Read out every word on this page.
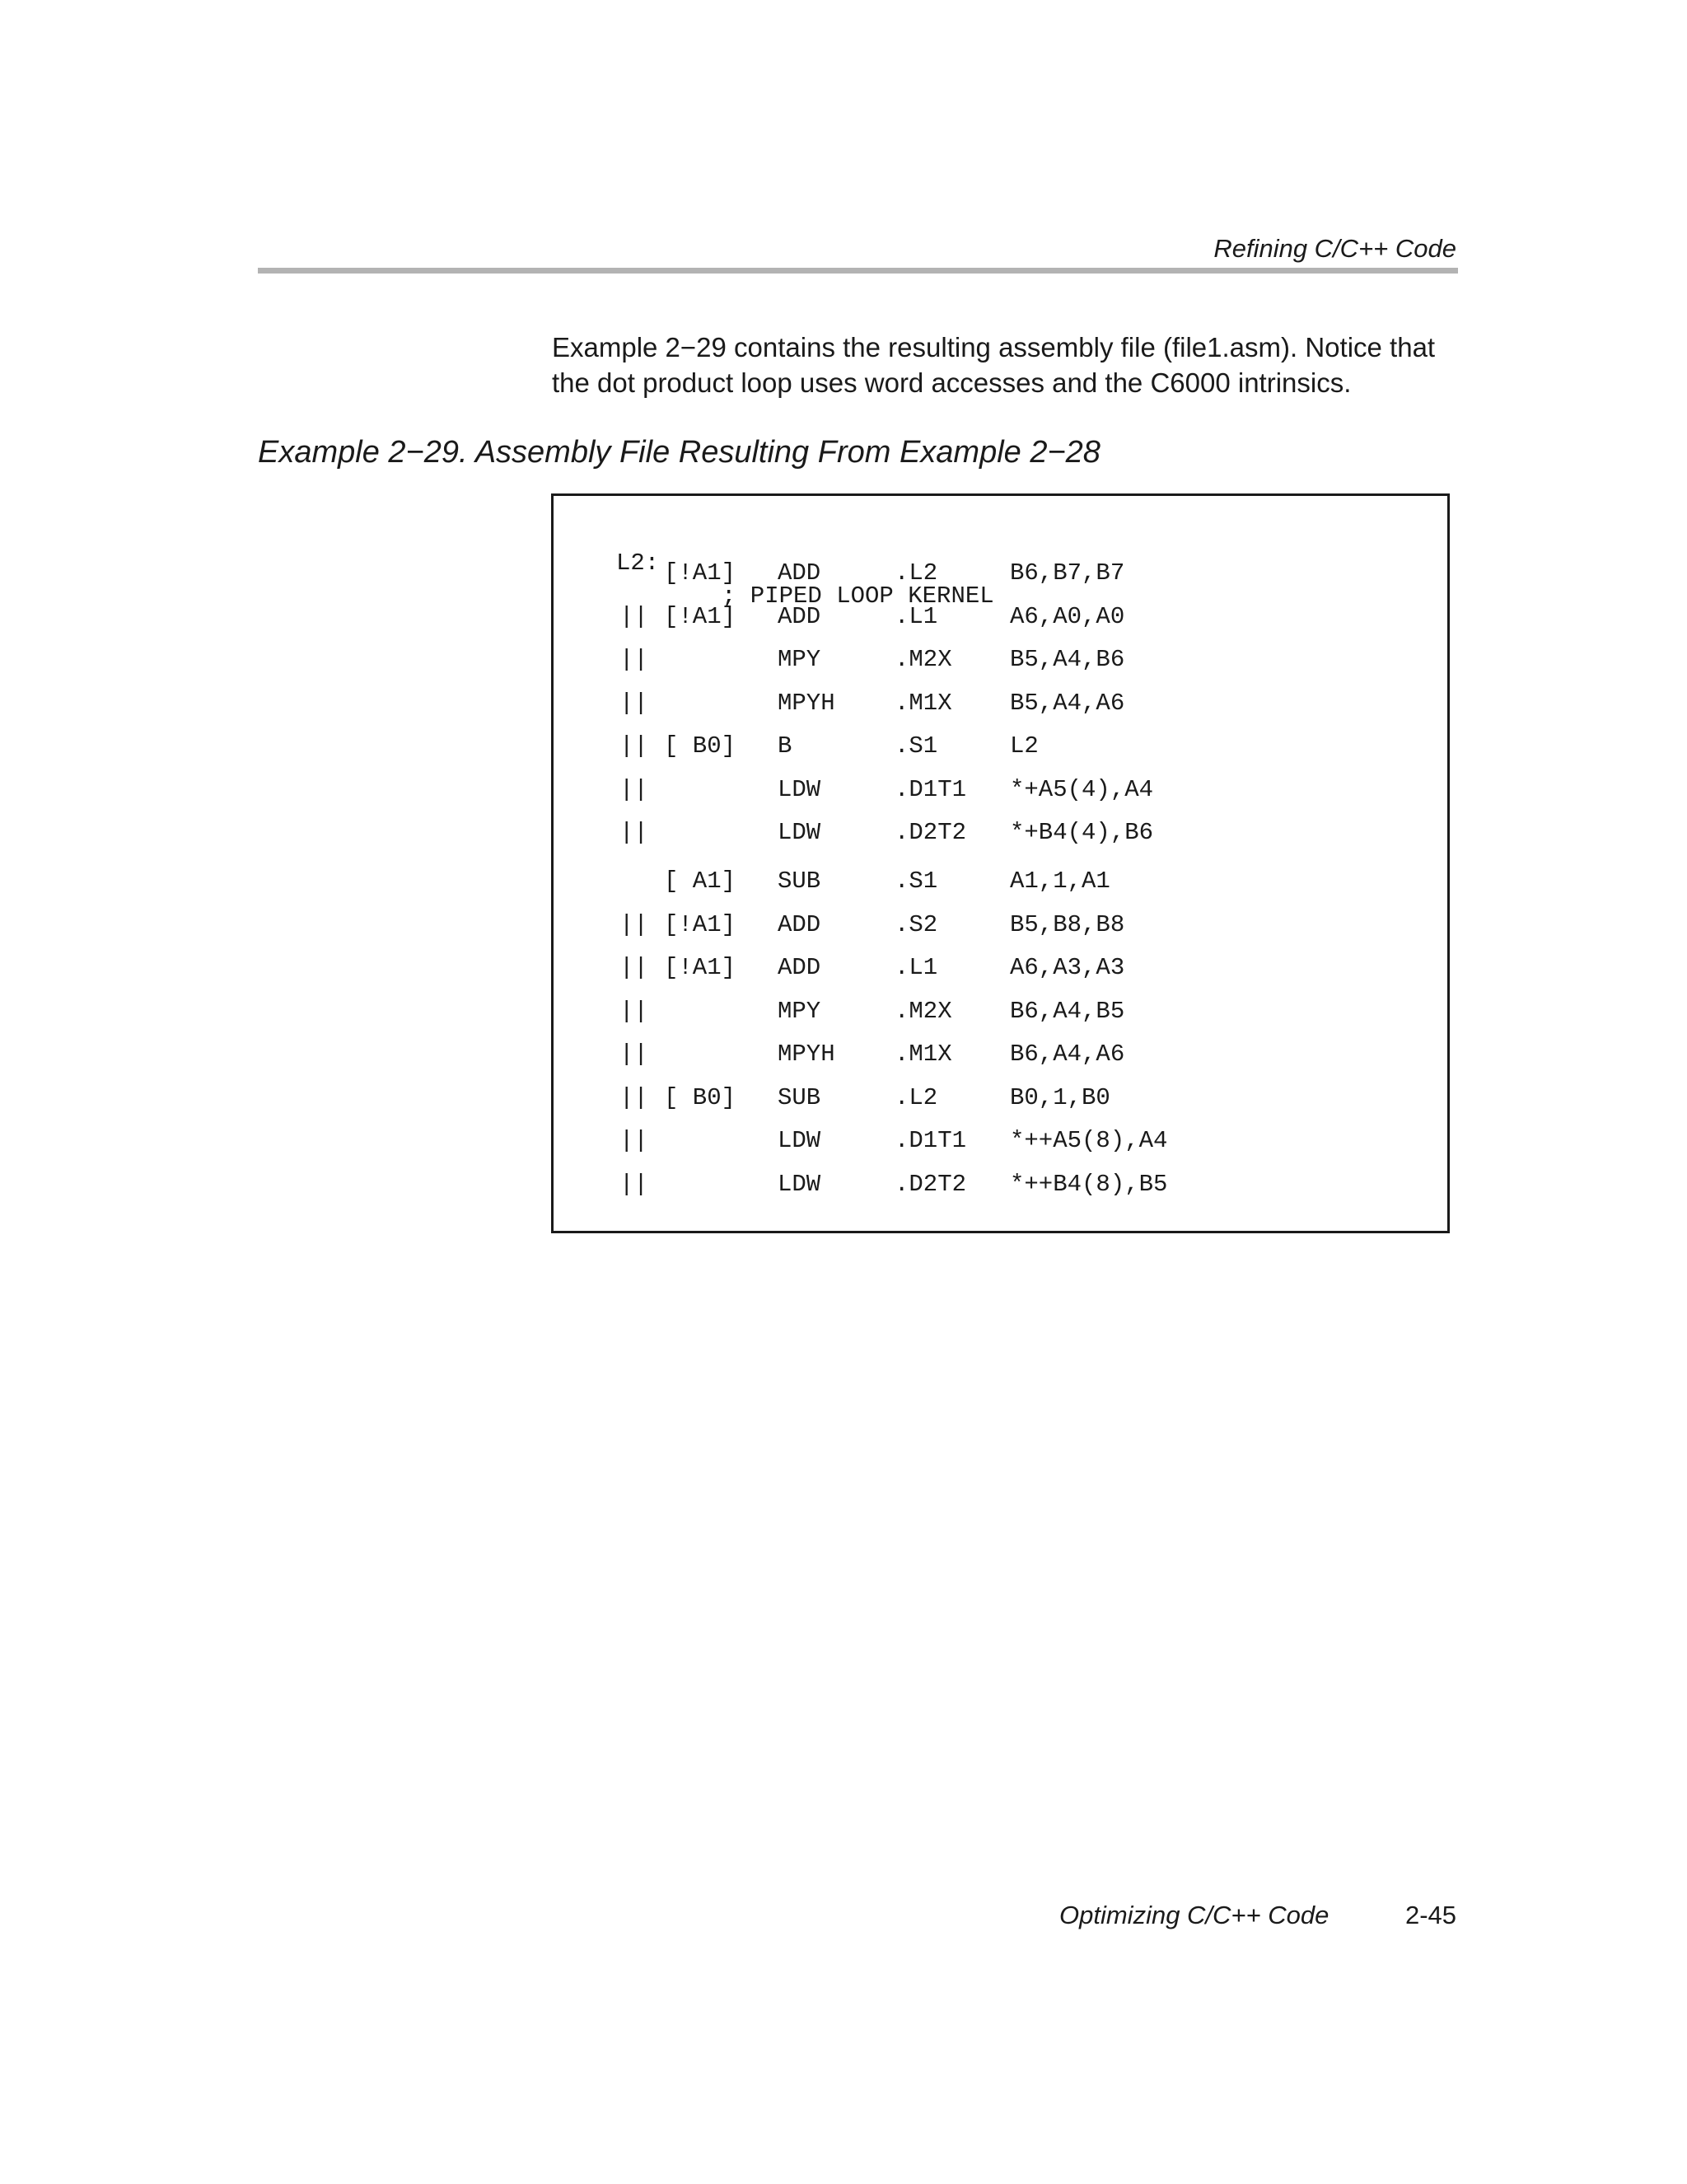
Refining C/C++ Code

Example 2−29 contains the resulting assembly file (file1.asm). Notice that the dot product loop uses word accesses and the C6000 intrinsics.

Example 2−29. Assembly File Resulting From Example 2−28

L2:

; PIPED LOOP KERNEL

[!A1] ADD	.L2	B6,B7,B7
|| [!A1] ADD	.L1	A6,A0,A0
||	MPY	.M2X B5,A4,B6
||	MPYH .M1X B5,A4,A6
|| [ B0] B	.S1	L2
||	LDW	.D1T1 *+A5(4),A4
||	LDW	.D2T2 *+B4(4),B6
[ A1] SUB	.S1	A1,1,A1
|| [!A1] ADD	.S2	B5,B8,B8
|| [!A1] ADD	.L1	A6,A3,A3
||	MPY	.M2X B6,A4,B5
||	MPYH .M1X B6,A4,A6
|| [ B0] SUB	.L2	B0,1,B0
||	LDW	.D1T1 *++A5(8),A4
||	LDW	.D2T2 *++B4(8),B5
Optimizing C/C++ Code	2-45
